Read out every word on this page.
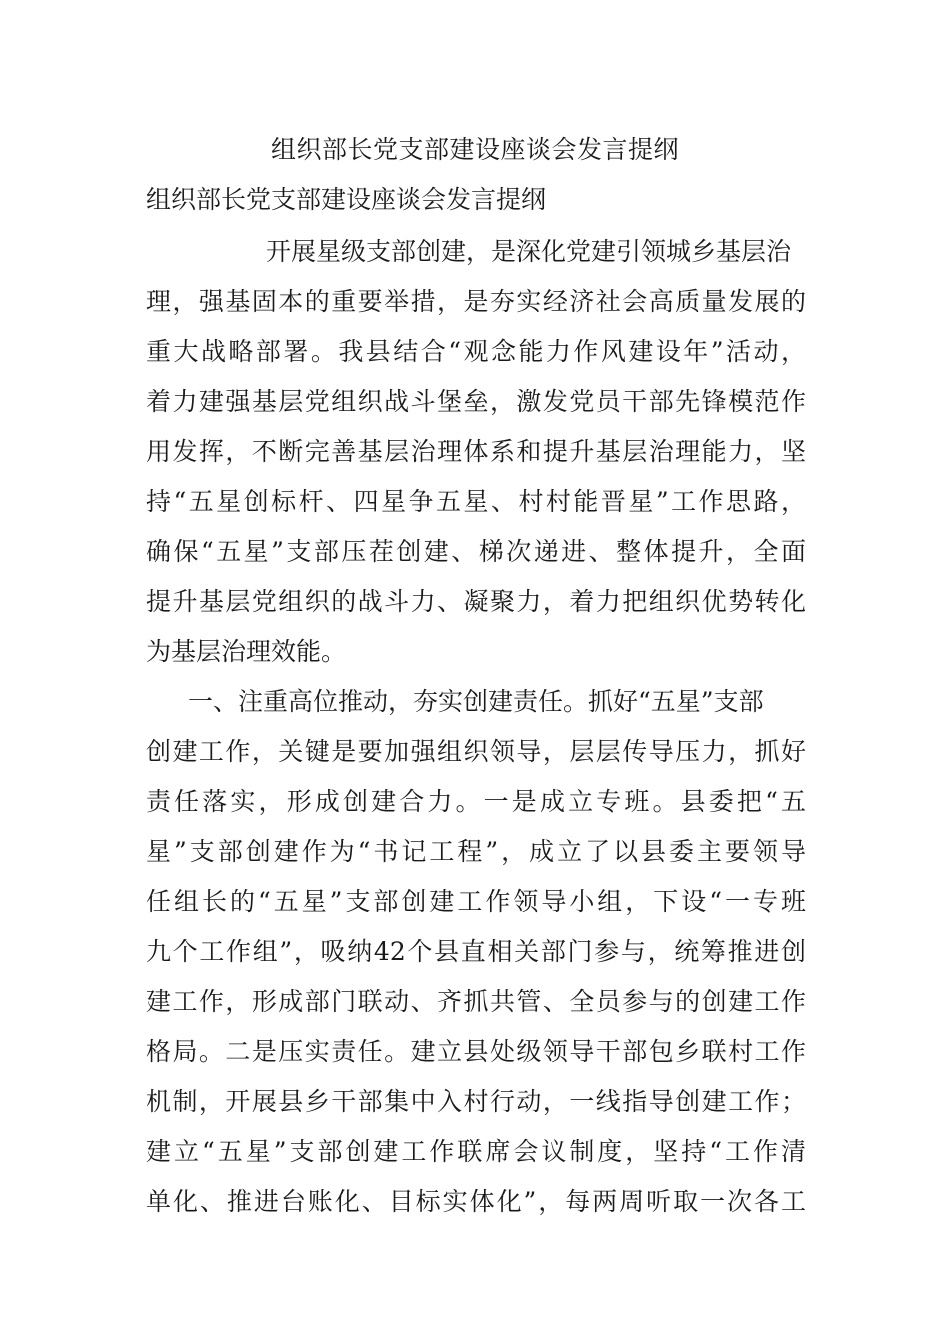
组织部长党支部建设座谈会发言提纲
组织部长党支部建设座谈会发言提纲

开展星级支部创建，是深化党建引领城乡基层治

理，强基固本的重要举措，是夯实经济社会高质量发展的

重大战略部署。我县结合“观念能力作风建设年”活动，

着力建强基层党组织战斗堡垒，激发党员干部先锋模范作

用发挥，不断完善基层治理体系和提升基层治理能力，坚

持“五星创标杆、四星争五星、村村能晋星”工作思路，

确保“五星”支部压茬创建、梯次递进、整体提升，全面

提升基层党组织的战斗力、凝聚力，着力把组织优势转化

为基层治理效能。

一、注重高位推动，夯实创建责任。抓好“五星”支部

创建工作，关键是要加强组织领导，层层传导压力，抓好

责任落实，形成创建合力。一是成立专班。县委把“五

星”支部创建作为“书记工程”，成立了以县委主要领导

任组长的“五星”支部创建工作领导小组，下设“一专班

九个工作组”，吸纳42个县直相关部门参与，统筹推进创

建工作，形成部门联动、齐抓共管、全员参与的创建工作

格局。二是压实责任。建立县处级领导干部包乡联村工作

机制，开展县乡干部集中入村行动，一线指导创建工作；

建立“五星”支部创建工作联席会议制度，坚持“工作清

单化、推进台账化、目标实体化”，每两周听取一次各工
